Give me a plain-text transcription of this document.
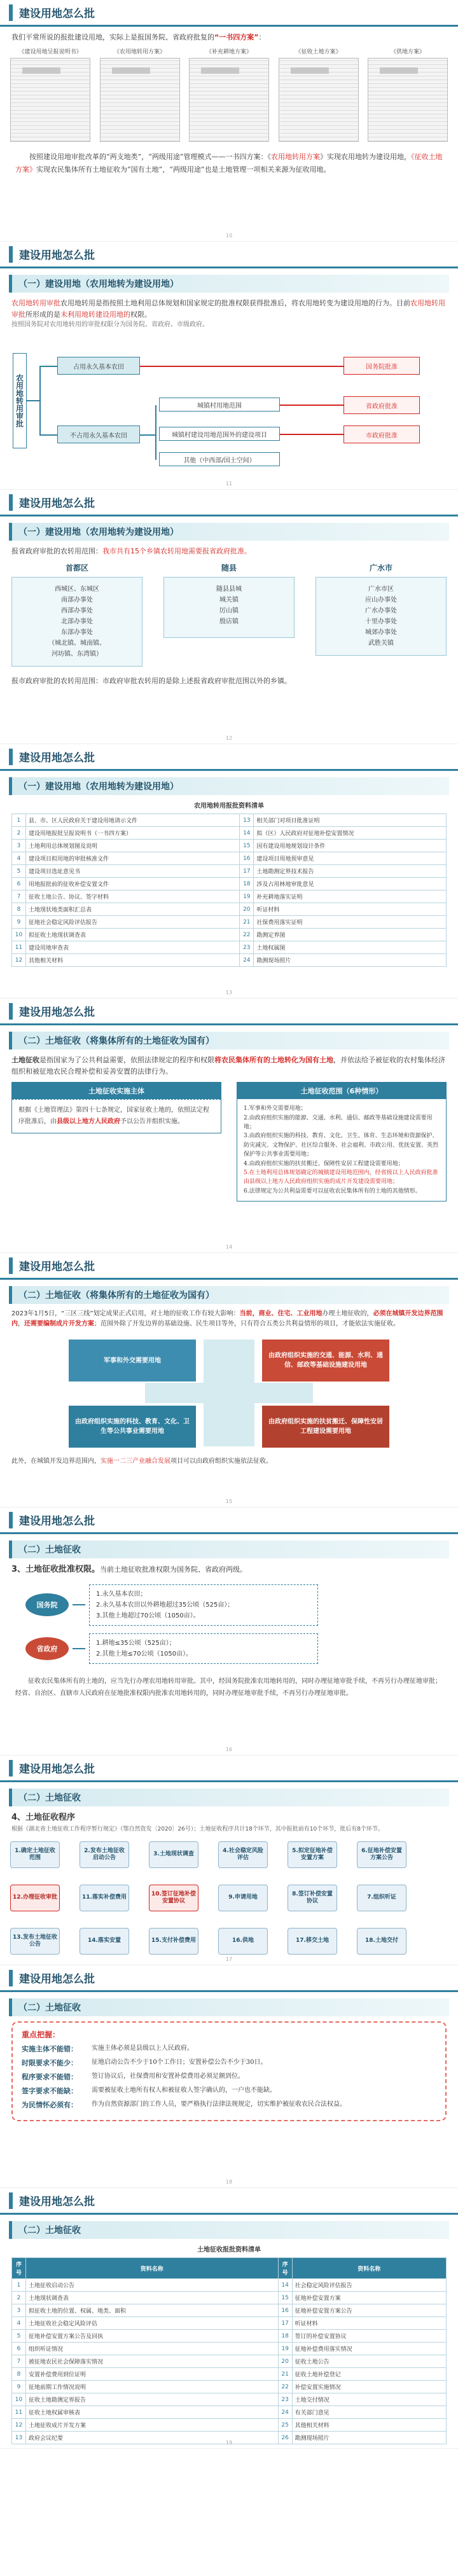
建设用地怎么批

我们平常所说的报批建设用地，实际上是报国务院、省政府批复的“一书四方案”：

《建设用地呈报说明书》	《农用地转用方案》	《补充耕地方案》	《征收土地方案》	《供地方案》

按照建设用地审批改革的“两支地类”，“两级用途”管理模式——一书四方案：《农用地转用方案》实现农用地转为建设用地，《征收土地方案》实现农民集体所有土地征收为“国有土地”，“两级用途”也是土地管理一项相关来源为征收用地。

10
建设用地怎么批
（一）建设用地（农用地转为建设用地）

农用地转用审批农用地转用是指按照土地利用总体规划和国家规定的批准权限获得批准后，将农用地转变为建设用地的行为。目前农用地转用审批所形成的是未利用地转建设用地的权限。

按照国务院对农用地转用的审批权限分为国务院、省政府、市级政府。

农用地转用审批
占用永久基本农田	国务院批准
不占用永久基本农田
城镇村用地范围
城镇村建设用地范围外的建设项目
其他（中西部/国土空间）
省政府批准
市政府批准
11
建设用地怎么批
（一）建设用地（农用地转为建设用地）

报省政府审批的农转用范围：我市共有15个乡镇农转用地需要报省政府批准。

首都区
西城区、东城区
南部办事处
西部办事处
北部办事处
东部办事处
（城北镇、城南镇、
河坊镇、东湾镇）
随县
随县县城
城关镇
厉山镇
殷店镇
广水市
广水市区
应山办事处
广水办事处
十里办事处
城郊办事处
武胜关镇

报市政府审批的农转用范围：市政府审批农转用的是除上述报省政府审批范围以外的乡镇。

12
建设用地怎么批
（一）建设用地（农用地转为建设用地）
农用地转用报批资料清单
1	县、市、区人民政府关于建设用地请示文件	13	相关部门对项目批准证明
2	建设用地报批呈报说明书（一书四方案）	14	拟（区）人民政府对征地补偿安置情况
3	土地利用总体规划图及说明	15	国有建设用地规划设计条件
4	建设项目拟用地的审批核准文件	16	建设项目用地预审意见
5	建设项目选址意见书	17	土地勘测定界技术报告
6	用地报批前的征收补偿安置文件	18	涉及占用林地审批意见
7	征收土地公告、协议、签字材料	19	补充耕地落实证明
8	土地现状地类面积汇总表	20	听证材料
9	征地社会稳定风险评估报告	21	社保费用落实证明
10	拟征收土地现状调查表	22	勘测定界图
11	建设用地审查表	23	土地权属图
12	其他相关材料	24	勘测现场照片
13
建设用地怎么批
（二）土地征收（将集体所有的土地征收为国有）

土地征收是指国家为了公共利益需要，依照法律规定的程序和权限将农民集体所有的土地转化为国有土地，并依法给予被征收的农村集体经济组织和被征地农民合理补偿和妥善安置的法律行为。

土地征收实施主体
根据《土地管理法》第四十七条规定，国家征收土地的，依照法定程序批准后，由县级以上地方人民政府予以公告并组织实施。
土地征收范围（6种情形）
1.军事和外交需要用地；
2.由政府组织实施的能源、交通、水利、通信、邮政等基础设施建设需要用地；
3.由政府组织实施的科技、教育、文化、卫生、体育、生态环境和资源保护、防灾减灾、文物保护、社区综合服务、社会福利、市政公用、优抚安置、英烈保护等公共事业需要用地；
4.由政府组织实施的扶贫搬迁、保障性安居工程建设需要用地；
5.在土地利用总体规划确定的城镇建设用地范围内，经省级以上人民政府批准由县级以上地方人民政府组织实施的成片开发建设需要用地；
6.法律规定为公共利益需要可以征收农民集体所有的土地的其他情形。
14
建设用地怎么批
（二）土地征收（将集体所有的土地征收为国有）

2023年1月5日，“三区三线”划定成果正式启用，对土地的征收工作有较大影响：当前，商业、住宅、工业用地办理土地征收的，必须在城镇开发边界范围内，还需要编制成片开发方案；范围外除了开发边界的基础设施、民生项目等外，只有符合五类公共利益情形的项目，才能依法实施征收。

军事和外交需要用地
由政府组织实施的交通、能源、水利、通信、邮政等基础设施建设用地
由政府组织实施的科技、教育、文化、卫生等公共事业需要用地
由政府组织实施的扶贫搬迁、保障性安居工程建设需要用地

此外，在城镇开发边界范围内，实施一二三产业融合发展项目可以由政府组织实施依法征收。

15
建设用地怎么批
（二）土地征收

3、土地征收批准权限。当前土地征收批准权限为国务院、省政府两级。

国务院
1.永久基本农田；
2.永久基本农田以外耕地超过35公顷（525亩）；
3.其他土地超过70公顷（1050亩）。
省政府
1.耕地≤35公顷（525亩）；
2.其他土地≤70公顷（1050亩）。

征收农民集体所有的土地的，应当先行办理农用地转用审批。其中，经国务院批准农用地转用的，同时办理征地审批手续，不再另行办理征地审批；经省、自治区、直辖市人民政府在征地批准权限内批准农用地转用的，同时办理征地审批手续，不再另行办理征地审批。

16
建设用地怎么批
（二）土地征收

4、土地征收程序

根据《湖北省土地征收工作程序暂行规定》（鄂自然资发〔2020〕26号）；土地征收程序共计18个环节，其中报批前有10个环节，批后有8个环节。

1.确定土地征收范围
2.发布土地征收启动公告
3.土地现状调查
4.社会稳定风险评估
5.拟定征地补偿安置方案
6.征地补偿安置方案公告
7.组织听证
8.签订补偿安置协议
9.申请用地
10.签订征地补偿安置协议
11.落实补偿费用
12.办理征收审批
13.发布土地征收公告
14.落实安置	15.支付补偿费用	16.供地	17.移交土地	18.土地交付
17
建设用地怎么批
（二）土地征收
重点把握：
实施主体不能错：	实施主体必须是县级以上人民政府。
时限要求不能少：	征地启动公告不少于10个工作日；安置补偿公告不少于30日。
程序要求不能错：	签订协议后，社保费用和安置补偿费用必须足额到位。
签字要求不能缺：	需要被征收土地所有权人和被征收人签字确认的，一户也不能缺。
为民情怀必须有：	作为自然资源部门的工作人员，要严格执行法律法规规定，切实维护被征收农民合法权益。
18
建设用地怎么批
（二）土地征收
土地征收报批资料清单
序号	资料名称	序号	资料名称
1	土地征收启动公告	14	社会稳定风险评估报告
2	土地现状调查表	15	征地补偿安置方案
3	拟征收土地的位置、权属、地类、面积	16	征地补偿安置方案公告
4	土地征收社会稳定风险评估	17	听证材料
5	征地补偿安置方案公告及回执	18	签订的补偿安置协议
6	组织听证情况	19	征地补偿费用落实情况
7	被征地农民社会保障落实情况	20	征收土地公告
8	安置补偿费用到位证明	21	征收土地补偿登记
9	征地前期工作情况说明	22	补偿安置实施情况
10	征收土地勘测定界报告	23	土地交付情况
11	征收土地权属审核表	24	有关部门意见
12	土地征收成片开发方案	25	其他相关材料
13	政府会议纪要	26	勘测现场照片
19
